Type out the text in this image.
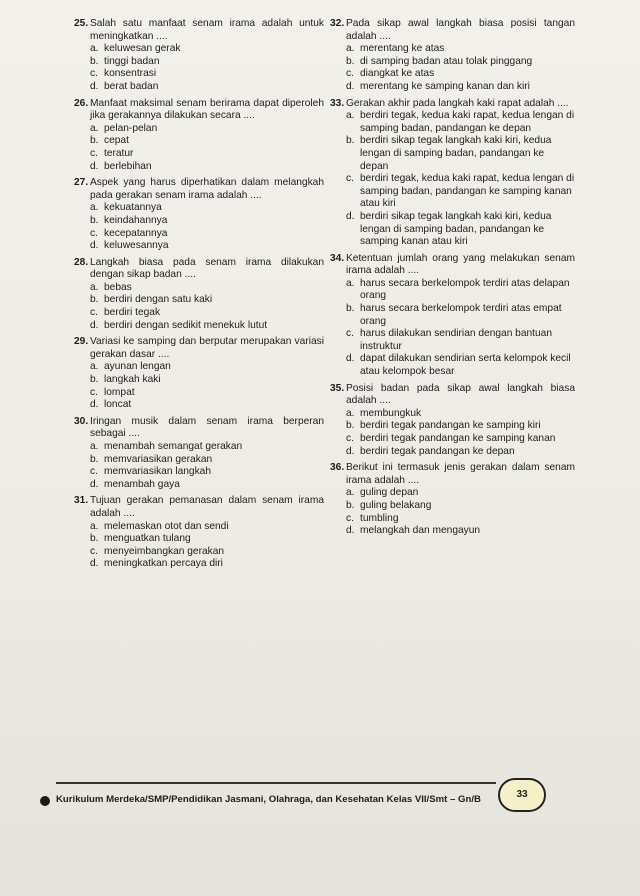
25. Salah satu manfaat senam irama adalah untuk meningkatkan ....
a. keluwesan gerak
b. tinggi badan
c. konsentrasi
d. berat badan
26. Manfaat maksimal senam berirama dapat diperoleh jika gerakannya dilakukan secara ....
a. pelan-pelan
b. cepat
c. teratur
d. berlebihan
27. Aspek yang harus diperhatikan dalam melangkah pada gerakan senam irama adalah ....
a. kekuatannya
b. keindahannya
c. kecepatannya
d. keluwesannya
28. Langkah biasa pada senam irama dilakukan dengan sikap badan ....
a. bebas
b. berdiri dengan satu kaki
c. berdiri tegak
d. berdiri dengan sedikit menekuk lutut
29. Variasi ke samping dan berputar merupakan variasi gerakan dasar ....
a. ayunan lengan
b. langkah kaki
c. lompat
d. loncat
30. Iringan musik dalam senam irama berperan sebagai ....
a. menambah semangat gerakan
b. memvariasikan gerakan
c. memvariasikan langkah
d. menambah gaya
31. Tujuan gerakan pemanasan dalam senam irama adalah ....
a. melemaskan otot dan sendi
b. menguatkan tulang
c. menyeimbangkan gerakan
d. meningkatkan percaya diri
32. Pada sikap awal langkah biasa posisi tangan adalah ....
a. merentang ke atas
b. di samping badan atau tolak pinggang
c. diangkat ke atas
d. merentang ke samping kanan dan kiri
33. Gerakan akhir pada langkah kaki rapat adalah ....
a. berdiri tegak, kedua kaki rapat, kedua lengan di samping badan, pandangan ke depan
b. berdiri sikap tegak langkah kaki kiri, kedua lengan di samping badan, pandangan ke depan
c. berdiri tegak, kedua kaki rapat, kedua lengan di samping badan, pandangan ke samping kanan atau kiri
d. berdiri sikap tegak langkah kaki kiri, kedua lengan di samping badan, pandangan ke samping kanan atau kiri
34. Ketentuan jumlah orang yang melakukan senam irama adalah ....
a. harus secara berkelompok terdiri atas delapan orang
b. harus secara berkelompok terdiri atas empat orang
c. harus dilakukan sendirian dengan bantuan instruktur
d. dapat dilakukan sendirian serta kelompok kecil atau kelompok besar
35. Posisi badan pada sikap awal langkah biasa adalah ....
a. membungkuk
b. berdiri tegak pandangan ke samping kiri
c. berdiri tegak pandangan ke samping kanan
d. berdiri tegak pandangan ke depan
36. Berikut ini termasuk jenis gerakan dalam senam irama adalah ....
a. guling depan
b. guling belakang
c. tumbling
d. melangkah dan mengayun
Kurikulum Merdeka/SMP/Pendidikan Jasmani, Olahraga, dan Kesehatan Kelas VII/Smt – Gn/B	33
